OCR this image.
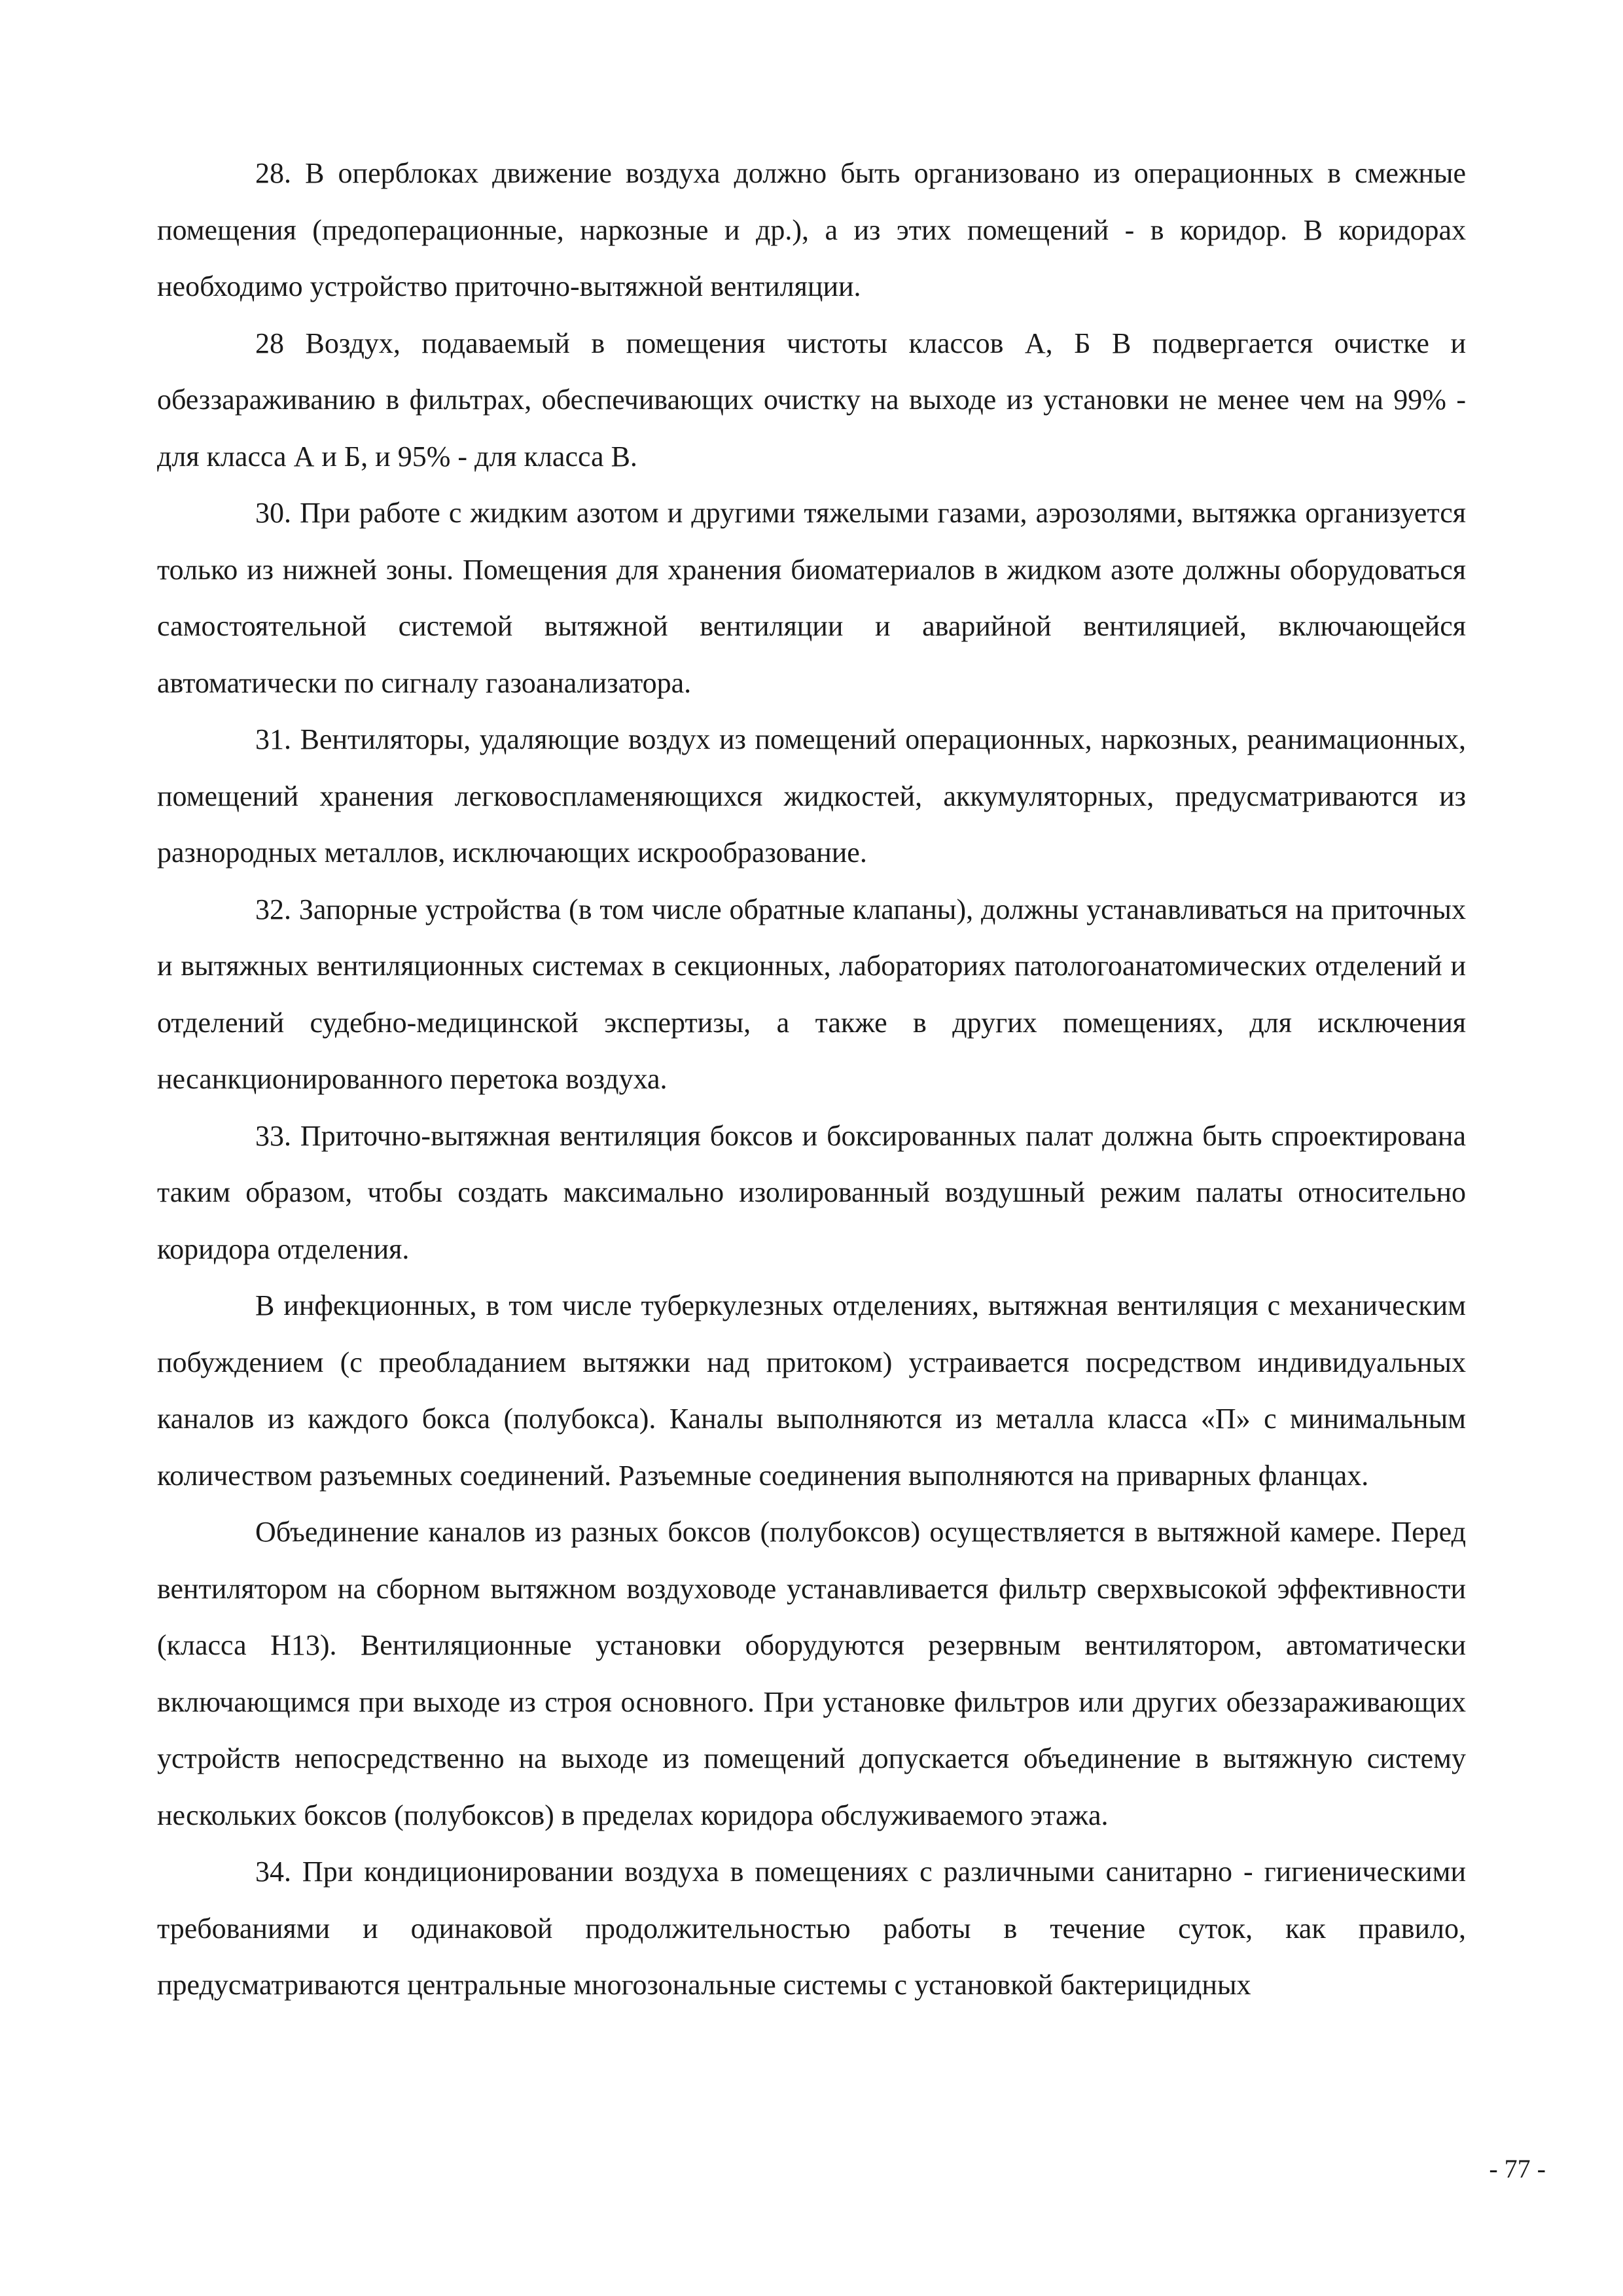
28. В оперблоках движение воздуха должно быть организовано из операционных в смежные помещения (предоперационные, наркозные и др.), а из этих помещений - в коридор. В коридорах необходимо устройство приточно-вытяжной вентиляции.

28 Воздух, подаваемый в помещения чистоты классов А, Б В подвергается очистке и обеззараживанию в фильтрах, обеспечивающих очистку на выходе из установки не менее чем на 99% - для класса А и Б, и 95% - для класса В.

30. При работе с жидким азотом и другими тяжелыми газами, аэрозолями, вытяжка организуется только из нижней зоны. Помещения для хранения биоматериалов в жидком азоте должны оборудоваться самостоятельной системой вытяжной вентиляции и аварийной вентиляцией, включающейся автоматически по сигналу газоанализатора.

31. Вентиляторы, удаляющие воздух из помещений операционных, наркозных, реанимационных, помещений хранения легковоспламеняющихся жидкостей, аккумуляторных, предусматриваются из разнородных металлов, исключающих искрообразование.

32. Запорные устройства (в том числе обратные клапаны), должны устанавливаться на приточных и вытяжных вентиляционных системах в секционных, лабораториях патологоанатомических отделений и отделений судебно-медицинской экспертизы, а также в других помещениях, для исключения несанкционированного перетока воздуха.

33. Приточно-вытяжная вентиляция боксов и боксированных палат должна быть спроектирована таким образом, чтобы создать максимально изолированный воздушный режим палаты относительно коридора отделения.

В инфекционных, в том числе туберкулезных отделениях, вытяжная вентиляция с механическим побуждением (с преобладанием вытяжки над притоком) устраивается посредством индивидуальных каналов из каждого бокса (полубокса). Каналы выполняются из металла класса «П» с минимальным количеством разъемных соединений. Разъемные соединения выполняются на приварных фланцах.

Объединение каналов из разных боксов (полубоксов) осуществляется в вытяжной камере. Перед вентилятором на сборном вытяжном воздуховоде устанавливается фильтр сверхвысокой эффективности (класса Н13). Вентиляционные установки оборудуются резервным вентилятором, автоматически включающимся при выходе из строя основного. При установке фильтров или других обеззараживающих устройств непосредственно на выходе из помещений допускается объединение в вытяжную систему нескольких боксов (полубоксов) в пределах коридора обслуживаемого этажа.

34. При кондиционировании воздуха в помещениях с различными санитарно - гигиеническими требованиями и одинаковой продолжительностью работы в течение суток, как правило, предусматриваются центральные многозональные системы с установкой бактерицидных

- 77 -
